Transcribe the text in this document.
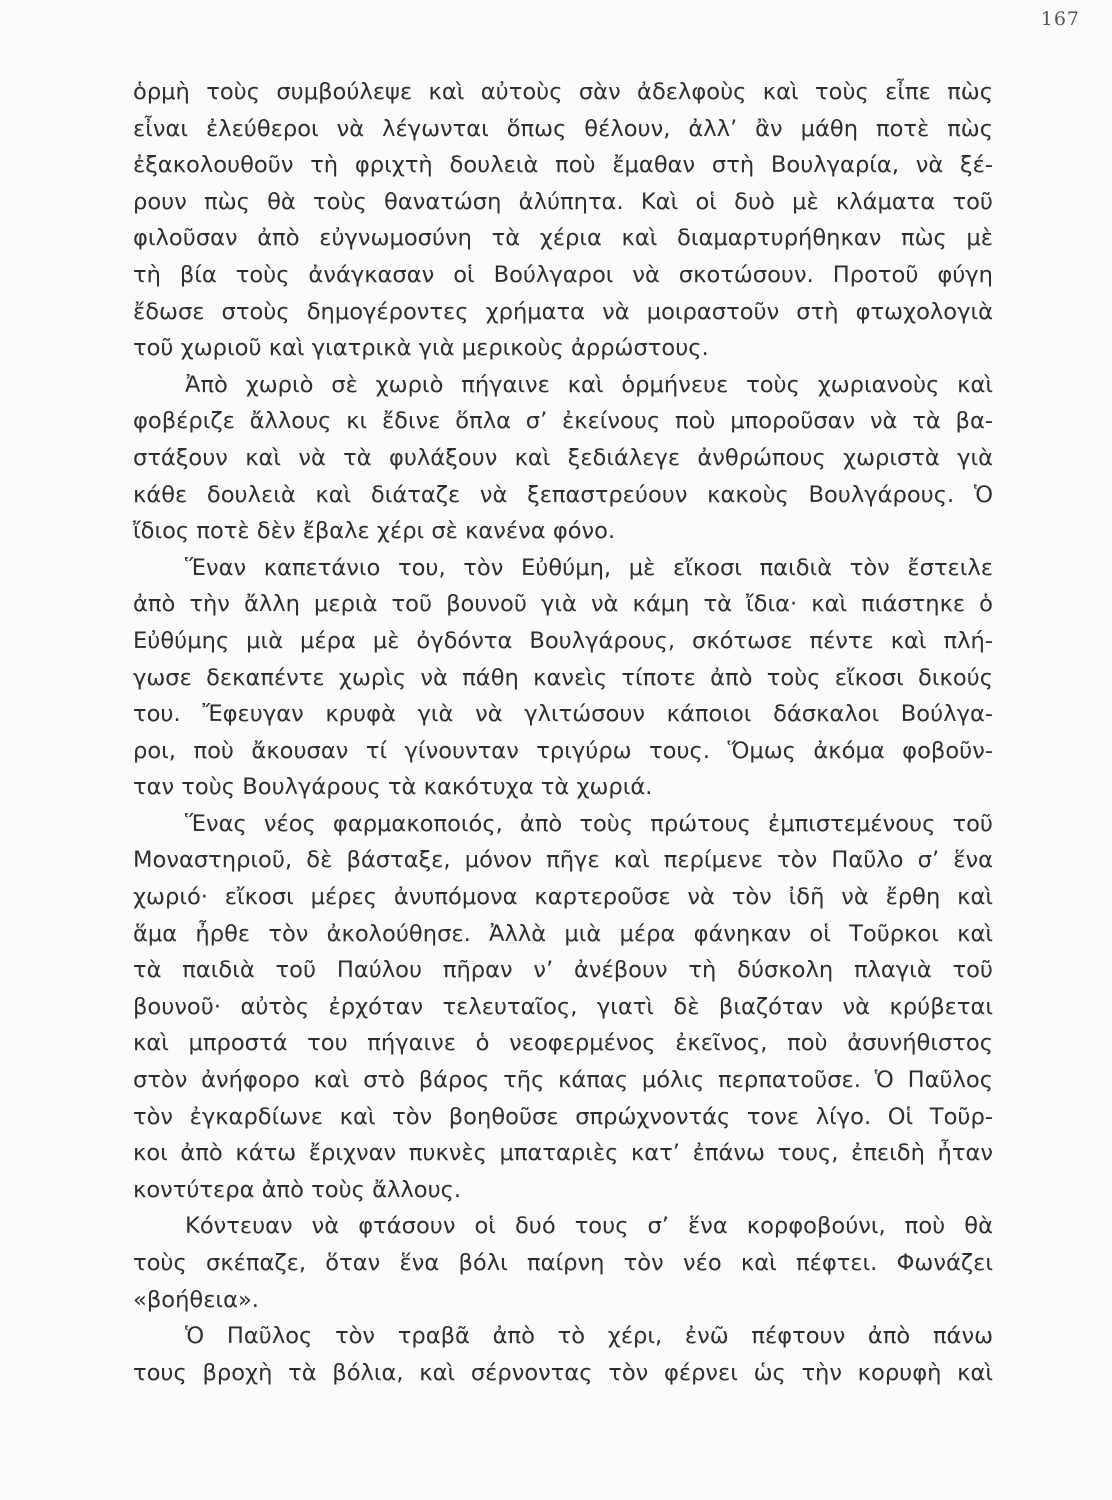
167
ὁρμὴ τοὺς συμβούλεψε καὶ αὐτοὺς σὰν ἀδελφοὺς καὶ τοὺς εἶπε πὼς
εἶναι ἐλεύθεροι νὰ λέγωνται ὅπως θέλουν, ἀλλ’ ἂν μάθη ποτὲ πὼς
ἐξακολουθοῦν τὴ φριχτὴ δουλειὰ ποὺ ἔμαθαν στὴ Βουλγαρία, νὰ ξέ-
ρουν πὼς θὰ τοὺς θανατώση ἀλύπητα. Καὶ οἱ δυὸ μὲ κλάματα τοῦ
φιλοῦσαν ἀπὸ εὐγνωμοσύνη τὰ χέρια καὶ διαμαρτυρήθηκαν πὼς μὲ
τὴ βία τοὺς ἀνάγκασαν οἱ Βούλγαροι νὰ σκοτώσουν. Προτοῦ φύγη
ἔδωσε στοὺς δημογέροντες χρήματα νὰ μοιραστοῦν στὴ φτωχολογιὰ
τοῦ χωριοῦ καὶ γιατρικὰ γιὰ μερικοὺς ἀρρώστους.
Ἀπὸ χωριὸ σὲ χωριὸ πήγαινε καὶ ὁρμήνευε τοὺς χωριανοὺς καὶ
φοβέριζε ἄλλους κι ἔδινε ὅπλα σ’ ἐκείνους ποὺ μποροῦσαν νὰ τὰ βα-
στάξουν καὶ νὰ τὰ φυλάξουν καὶ ξεδιάλεγε ἀνθρώπους χωριστὰ γιὰ
κάθε δουλειὰ καὶ διάταζε νὰ ξεπαστρεύουν κακοὺς Βουλγάρους. Ὁ
ἴδιος ποτὲ δὲν ἔβαλε χέρι σὲ κανένα φόνο.
Ἕναν καπετάνιο του, τὸν Εὐθύμη, μὲ εἴκοσι παιδιὰ τὸν ἔστειλε
ἀπὸ τὴν ἄλλη μεριὰ τοῦ βουνοῦ γιὰ νὰ κάμη τὰ ἴδια· καὶ πιάστηκε ὁ
Εὐθύμης μιὰ μέρα μὲ ὀγδόντα Βουλγάρους, σκότωσε πέντε καὶ πλή-
γωσε δεκαπέντε χωρὶς νὰ πάθη κανεὶς τίποτε ἀπὸ τοὺς εἴκοσι δικούς
του. Ἔφευγαν κρυφὰ γιὰ νὰ γλιτώσουν κάποιοι δάσκαλοι Βούλγα-
ροι, ποὺ ἄκουσαν τί γίνουνταν τριγύρω τους. Ὅμως ἀκόμα φοβοῦν-
ταν τοὺς Βουλγάρους τὰ κακότυχα τὰ χωριά.
Ἕνας νέος φαρμακοποιός, ἀπὸ τοὺς πρώτους ἐμπιστεμένους τοῦ
Μοναστηριοῦ, δὲ βάσταξε, μόνον πῆγε καὶ περίμενε τὸν Παῦλο σ’ ἕνα
χωριό· εἴκοσι μέρες ἀνυπόμονα καρτεροῦσε νὰ τὸν ἰδῆ νὰ ἔρθη καὶ
ἅμα ἦρθε τὸν ἀκολούθησε. Ἀλλὰ μιὰ μέρα φάνηκαν οἱ Τοῦρκοι καὶ
τὰ παιδιὰ τοῦ Παύλου πῆραν ν’ ἀνέβουν τὴ δύσκολη πλαγιὰ τοῦ
βουνοῦ· αὐτὸς ἐρχόταν τελευταῖος, γιατὶ δὲ βιαζόταν νὰ κρύβεται
καὶ μπροστά του πήγαινε ὁ νεοφερμένος ἐκεῖνος, ποὺ ἀσυνήθιστος
στὸν ἀνήφορο καὶ στὸ βάρος τῆς κάπας μόλις περπατοῦσε. Ὁ Παῦλος
τὸν ἐγκαρδίωνε καὶ τὸν βοηθοῦσε σπρώχνοντάς τονε λίγο. Οἱ Τοῦρ-
κοι ἀπὸ κάτω ἔριχναν πυκνὲς μπαταριὲς κατ’ ἐπάνω τους, ἐπειδὴ ἦταν
κοντύτερα ἀπὸ τοὺς ἄλλους.
Κόντευαν νὰ φτάσουν οἱ δυό τους σ’ ἕνα κορφοβούνι, ποὺ θὰ
τοὺς σκέπαζε, ὅταν ἕνα βόλι παίρνη τὸν νέο καὶ πέφτει. Φωνάζει
«βοήθεια».
Ὁ Παῦλος τὸν τραβᾶ ἀπὸ τὸ χέρι, ἐνῶ πέφτουν ἀπὸ πάνω
τους βροχὴ τὰ βόλια, καὶ σέρνοντας τὸν φέρνει ὡς τὴν κορυφὴ καὶ
